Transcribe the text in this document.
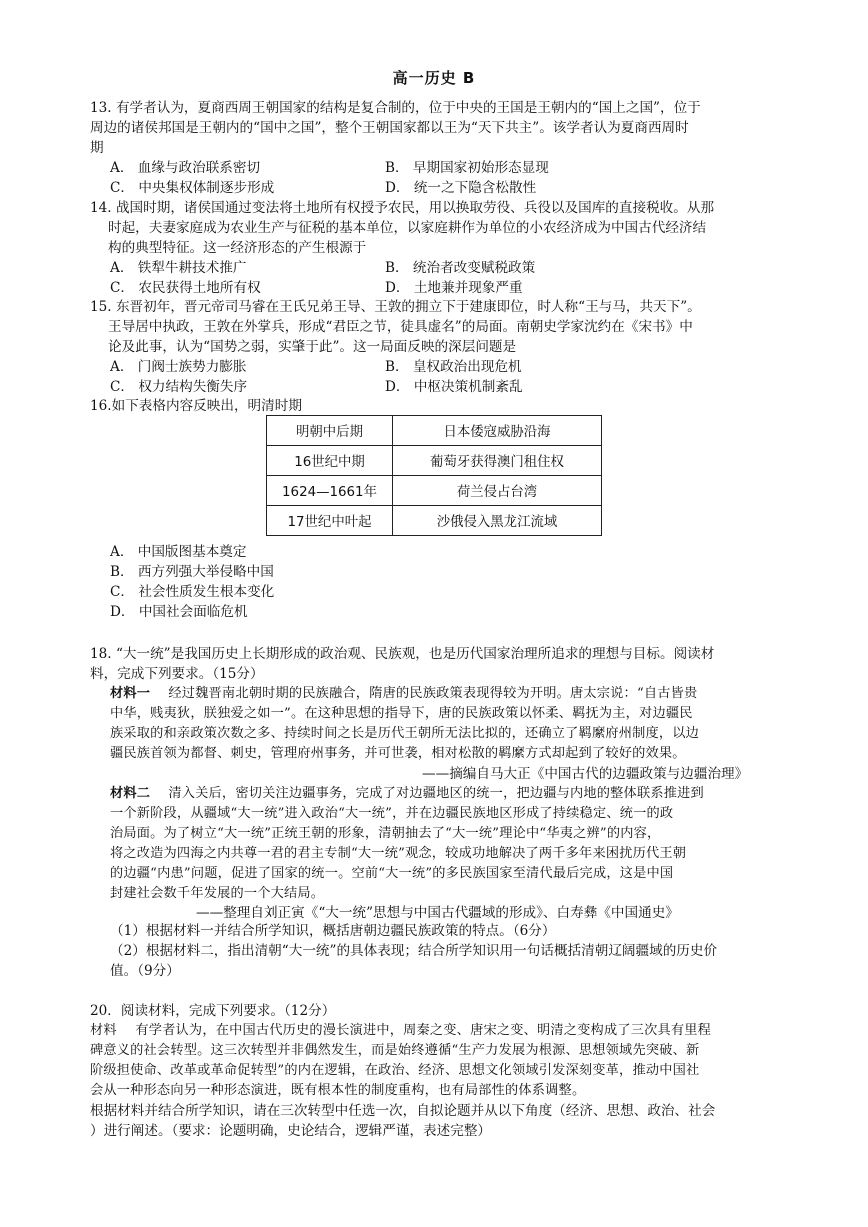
高一历史 B
13. 有学者认为，夏商西周王朝国家的结构是复合制的，位于中央的王国是王朝内的“国上之国”，位于
周边的诸侯邦国是王朝内的“国中之国”，整个王朝国家都以王为“天下共主”。该学者认为夏商西周时
期
A． 血缘与政治联系密切	B． 早期国家初始形态显现
C． 中央集权体制逐步形成	D． 统一之下隐含松散性
14. 战国时期，诸侯国通过变法将土地所有权授予农民，用以换取劳役、兵役以及国库的直接税收。从那
时起，夫妻家庭成为农业生产与征税的基本单位，以家庭耕作为单位的小农经济成为中国古代经济结
构的典型特征。这一经济形态的产生根源于
A． 铁犁牛耕技术推广	B． 统治者改变赋税政策
C． 农民获得土地所有权	D． 土地兼并现象严重
15. 东晋初年，晋元帝司马睿在王氏兄弟王导、王敦的拥立下于建康即位，时人称“王与马，共天下”。
王导居中执政，王敦在外掌兵，形成“君臣之节，徒具虚名”的局面。南朝史学家沈约在《宋书》中
论及此事，认为“国势之弱，实肇于此”。这一局面反映的深层问题是
A． 门阀士族势力膨胀	B． 皇权政治出现危机
C． 权力结构失衡失序	D． 中枢决策机制紊乱
16.如下表格内容反映出，明清时期
明朝中后期	日本倭寇威胁沿海
16世纪中期	葡萄牙获得澳门租住权
1624—1661年	荷兰侵占台湾
17世纪中叶起	沙俄侵入黑龙江流域
A． 中国版图基本奠定
B． 西方列强大举侵略中国
C． 社会性质发生根本变化
D． 中国社会面临危机
18. “大一统”是我国历史上长期形成的政治观、民族观，也是历代国家治理所追求的理想与目标。阅读材
料，完成下列要求。（15分）
材料一 　经过魏晋南北朝时期的民族融合，隋唐的民族政策表现得较为开明。唐太宗说：“自古皆贵
中华，贱夷狄，朕独爱之如一”。在这种思想的指导下，唐的民族政策以怀柔、羁抚为主，对边疆民
族采取的和亲政策次数之多、持续时间之长是历代王朝所无法比拟的，还确立了羁縻府州制度，以边
疆民族首领为都督、刺史，管理府州事务，并可世袭，相对松散的羁縻方式却起到了较好的效果。
——摘编自马大正《中国古代的边疆政策与边疆治理》
材料二 　清入关后，密切关注边疆事务，完成了对边疆地区的统一，把边疆与内地的整体联系推进到
一个新阶段，从疆域“大一统”进入政治“大一统”，并在边疆民族地区形成了持续稳定、统一的政
治局面。为了树立“大一统”正统王朝的形象，清朝抽去了“大一统”理论中“华夷之辨”的内容，
将之改造为四海之内共尊一君的君主专制“大一统”观念，较成功地解决了两千多年来困扰历代王朝
的边疆“内患”问题，促进了国家的统一。空前“大一统”的多民族国家至清代最后完成，这是中国
封建社会数千年发展的一个大结局。
——整理自刘正寅《“大一统”思想与中国古代疆域的形成》、白寿彝《中国通史》
（1）根据材料一并结合所学知识，概括唐朝边疆民族政策的特点。（6分）
（2）根据材料二，指出清朝“大一统”的具体表现；结合所学知识用一句话概括清朝辽阔疆域的历史价
值。（9分）
20．阅读材料，完成下列要求。（12分）
材料 　有学者认为，在中国古代历史的漫长演进中，周秦之变、唐宋之变、明清之变构成了三次具有里程
碑意义的社会转型。这三次转型并非偶然发生，而是始终遵循“生产力发展为根源、思想领域先突破、新
阶级担使命、改革或革命促转型”的内在逻辑，在政治、经济、思想文化领域引发深刻变革，推动中国社
会从一种形态向另一种形态演进，既有根本性的制度重构，也有局部性的体系调整。
根据材料并结合所学知识，请在三次转型中任选一次，自拟论题并从以下角度（经济、思想、政治、社会
）进行阐述。（要求：论题明确，史论结合，逻辑严谨，表述完整）
